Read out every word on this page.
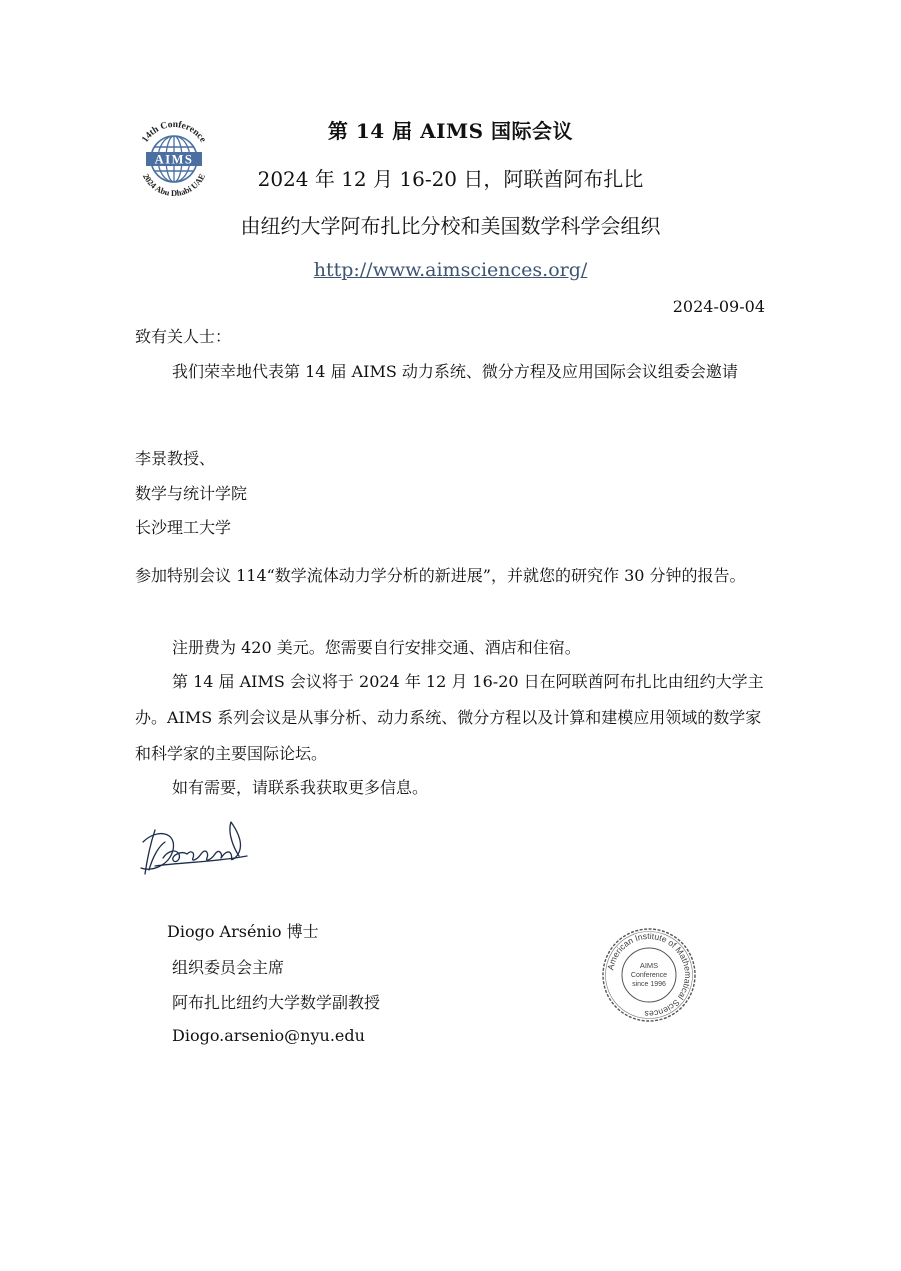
14th Conference
2024 Abu Dhabi UAE
AIMS
第 14 届 AIMS 国际会议
2024 年 12 月 16-20 日，阿联酋阿布扎比
由纽约大学阿布扎比分校和美国数学科学会组织
http://www.aimsciences.org/
2024-09-04
致有关人士：
我们荣幸地代表第 14 届 AIMS 动力系统、微分方程及应用国际会议组委会邀请
李景教授、
数学与统计学院
长沙理工大学
参加特别会议 114“数学流体动力学分析的新进展”，并就您的研究作 30 分钟的报告。
注册费为 420 美元。您需要自行安排交通、酒店和住宿。
第 14 届 AIMS 会议将于 2024 年 12 月 16-20 日在阿联酋阿布扎比由纽约大学主办。AIMS 系列会议是从事分析、动力系统、微分方程以及计算和建模应用领域的数学家和科学家的主要国际论坛。
如有需要，请联系我获取更多信息。
Diogo Arsénio 博士
组织委员会主席
阿布扎比纽约大学数学副教授
Diogo.arsenio@nyu.edu
American Institute of Mathematical Sciences
AIMS
Conference
since 1996
